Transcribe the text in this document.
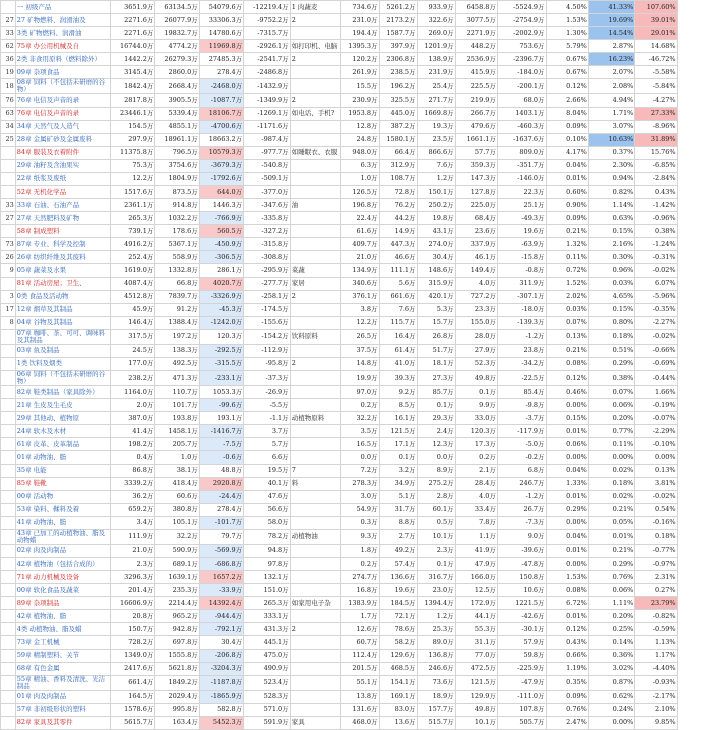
	一 初级产品	3651.9万	63134.5万	54079.6万	-12219.4万	1 肉蔬麦	734.6万	5261.2万	933.9万	6458.8万	-5524.9万	4.50%	41.33%	107.60%
27	27 矿物燃料、润滑油及	2271.6万	26077.9万	33306.3万	-9752.2万	2	231.0万	2173.2万	322.6万	3077.5万	-2754.9万	1.53%	19.69%	39.01%
33	3类 矿物燃料、润滑油	2271.6万	19832.7万	14780.6万	-7315.7万		194.4万	1587.7万	269.0万	2271.9万	-2002.9万	1.30%	14.54%	29.01%
62	75章 办公用机械及自	16744.0万	4774.2万	11969.8万	-2926.1万	如打印机、电脑	1395.3万	397.9万	1201.9万	448.2万	753.6万	5.79%	2.87%	14.68%
36	2类 非食用原料（燃料除外）	1442.2万	26279.3万	27485.3万	-2541.7万	2	120.2万	2306.8万	138.9万	2536.9万	-2396.7万	0.67%	16.23%	-46.72%
19	09章 杂项食品	3145.4万	2860.0万	278.4万	-2486.8万		261.9万	238.5万	231.9万	415.9万	-184.0万	0.67%	2.07%	-5.58%
18	08章 饲料（不包括未研磨的谷物）	1842.4万	2668.4万	-2468.0万	-1432.9万		15.5万	196.2万	25.4万	225.5万	-200.1万	0.12%	2.08%	-5.84%
76	76章 电信及声音的录	2817.8万	3905.5万	-1087.7万	-1349.9万	2	230.9万	325.5万	271.7万	219.9万	68.0万	2.66%	4.94%	-4.27%
63	76章 电信及声音的录	23446.1万	5339.4万	18106.7万	-1269.1万	如电话、手机?	1953.8万	445.0万	1669.8万	266.7万	1403.1万	8.04%	1.71%	27.33%
34	34章 天然气及人造气	154.5万	4855.1万	-4700.6万	-1171.6万		12.8万	387.2万	19.3万	479.6万	-460.3万	0.09%	3.07%	-8.96%
25	28章 金属矿砂及金属废料	297.9万	18961.1万	18663.2万	-987.4万		24.8万	1580.1万	23.5万	1661.1万	-1637.6万	0.10%	10.63%	31.89%
	84章 服装及衣着附件	11375.8万	796.5万	10579.3万	-977.7万	如睡眠衣、衣服	948.0万	66.4万	866.6万	57.7万	809.0万	4.17%	0.37%	15.76%
	29章 油籽及含油果实	75.3万	3754.6万	-3679.3万	-540.8万		6.3万	312.9万	7.6万	359.3万	-351.7万	0.04%	2.30%	-6.85%
	22章 纸浆及废纸	12.2万	1804.9万	-1792.6万	-509.1万		1.0万	108.7万	1.2万	147.3万	-146.0万	0.01%	0.94%	-2.84%
	52章 无机化学品	1517.6万	873.5万	644.0万	-377.0万		126.5万	72.8万	150.1万	127.8万	22.3万	0.60%	0.82%	0.43%
33	33章 石油、石油产品	2361.1万	914.8万	1446.3万	-347.6万	油	196.8万	76.2万	250.2万	225.0万	25.1万	0.90%	1.14%	-1.42%
27	27章 天然肥料及矿物	265.3万	1032.2万	-766.9万	-335.8万		22.4万	44.2万	19.8万	68.4万	-49.3万	0.09%	0.63%	-0.96%
	58章 制成塑料	739.1万	178.6万	560.5万	-327.2万		61.6万	14.9万	43.1万	23.6万	19.6万	0.21%	0.15%	0.38%
73	87章 专业、科学及控制	4916.2万	5367.1万	-450.9万	-315.8万		409.7万	447.3万	274.0万	337.9万	-63.9万	1.32%	2.16%	-1.24%
26	26章 纺织纤维及其废料	252.4万	558.9万	-306.5万	-308.8万		21.0万	46.6万	30.4万	46.1万	-15.8万	0.11%	0.30%	-0.31%
9	05章 蔬菜及水果	1619.0万	1332.8万	286.1万	-295.9万	菜蔬	134.9万	111.1万	148.6万	149.4万	-0.8万	0.72%	0.96%	-0.02%
	81章 活动房屋；卫生、	4087.4万	66.8万	4020.7万	-277.7万	家居	340.6万	5.6万	315.9万	4.0万	311.9万	1.52%	0.03%	6.07%
3	0类 食品及活动物	4512.8万	7839.7万	-3326.9万	-258.1万	2	376.1万	661.6万	420.1万	727.2万	-307.1万	2.02%	4.65%	-5.96%
17	12章 烟草及其制品	45.9万	91.2万	-45.3万	-174.5万		3.8万	7.6万	5.3万	23.3万	-18.0万	0.03%	0.15%	-0.35%
8	04章 谷物及其制品	146.4万	1388.4万	-1242.0万	-155.6万		12.2万	115.7万	15.7万	155.0万	-139.3万	0.07%	0.80%	-2.27%
	07章 咖啡、茶、可可、调味料及其制品	317.5万	197.2万	120.3万	-154.2万	饮料原料	26.5万	16.4万	26.8万	28.0万	-1.2万	0.13%	0.18%	-0.02%
	03章 鱼及制品	24.5万	138.3万	-292.5万	-112.9万		37.5万	61.4万	51.7万	27.9万	23.8万	0.21%	0.51%	-0.66%
	1类 饮料及烟类	177.0万	492.5万	-315.5万	-95.8万	2	14.8万	41.0万	18.1万	52.3万	-34.2万	0.08%	0.29%	-0.69%
	06章 饲料（不包括未研磨的谷物）	238.2万	471.3万	-233.1万	-37.3万		19.9万	39.3万	27.3万	49.8万	-22.5万	0.12%	0.38%	-0.44%
	82章 鞋类制品（家具除外）	1164.0万	110.7万	1053.3万	-26.9万		97.0万	9.2万	85.7万	0.1万	85.4万	0.46%	0.07%	1.66%
	21章 生皮及生毛皮	2.0万	101.7万	-99.6万	-5.5万		0.2万	8.5万	0.1万	9.9万	-9.8万	0.00%	0.06%	-0.19%
	29章 其他动、植物原	387.0万	193.8万	193.1万	-1.1万	动植物原料	32.2万	16.1万	29.3万	33.0万	-3.7万	0.15%	0.20%	-0.07%
	24章 软木及木材	41.4万	1458.1万	-1416.7万	3.7万		3.5万	121.5万	2.4万	120.3万	-117.9万	0.01%	0.77%	-2.29%
	61章 皮革、皮革制品	198.2万	205.7万	-7.5万	5.7万		16.5万	17.1万	12.3万	17.3万	-5.0万	0.06%	0.11%	-0.10%
	01章 动物油、脂	0.4万	1.0万	-0.6万	6.6万		0.0万	0.1万	0.0万	0.2万	-0.2万	0.00%	0.00%	0.00%
	35章 电能	86.8万	38.1万	48.8万	19.5万	7	7.2万	3.2万	8.9万	2.1万	6.8万	0.04%	0.02%	0.13%
	85章 鞋靴	3339.2万	418.4万	2920.8万	40.1万	料	278.3万	34.9万	275.2万	28.4万	246.7万	1.33%	0.18%	3.81%
	00章 活动物	36.2万	60.6万	-24.4万	47.6万		3.0万	5.1万	2.8万	4.0万	-1.2万	0.01%	0.02%	-0.02%
	53章 染料、鞣料及着	659.2万	380.8万	278.4万	56.6万		54.9万	31.7万	60.1万	33.4万	26.7万	0.29%	0.21%	0.54%
	41章 动物油、脂	3.4万	105.1万	-101.7万	58.0万		0.3万	8.8万	0.5万	7.8万	-7.3万	0.00%	0.05%	-0.16%
	43章 已加工的动植物油、脂及动物蜡	111.9万	32.2万	79.7万	78.2万	动植物油	9.3万	2.7万	10.1万	1.1万	9.0万	0.04%	0.01%	0.18%
	02章 肉及肉制品	21.0万	590.9万	-569.9万	94.8万		1.8万	49.2万	2.3万	41.9万	-39.6万	0.01%	0.21%	-0.77%
	42章 植物油（包括合成的）	2.3万	689.1万	-686.8万	97.8万		0.2万	57.4万	0.1万	47.9万	-47.8万	0.00%	0.29%	-0.97%
	71章 动力机械及设备	3296.3万	1639.1万	1657.2万	132.1万		274.7万	136.6万	316.7万	166.0万	150.8万	1.53%	0.76%	2.31%
	00章 软化食品及蔬菜	201.4万	235.3万	-33.9万	151.0万		16.8万	19.6万	23.0万	12.5万	10.6万	0.08%	0.06%	0.27%
	89章 杂项制品	16606.9万	2214.4万	14392.4万	265.3万	如家用电子杂	1383.9万	184.5万	1394.4万	172.9万	1221.5万	6.72%	1.11%	23.79%
	42章 植物油、脂	20.8万	965.2万	-944.4万	333.1万		1.7万	72.1万	1.2万	44.1万	-42.6万	0.01%	0.20%	-0.82%
	4类 动植物油、脂及蜡	150.7万	942.8万	-792.1万	431.3万	2	12.6万	78.6万	25.3万	55.3万	-30.1万	0.12%	0.25%	-0.59%
	73章 金工机械	728.2万	697.8万	30.4万	445.1万		60.7万	58.2万	89.0万	31.1万	57.9万	0.43%	0.14%	1.13%
	59章 精制塑料、关节	1349.0万	1555.8万	-206.8万	475.0万		112.4万	129.6万	136.8万	77.0万	59.8万	0.66%	0.36%	1.17%
	68章 有色金属	2417.6万	5621.8万	-3204.3万	490.9万		201.5万	468.5万	246.6万	472.5万	-225.9万	1.19%	3.02%	-4.40%
	55章 精油、香料及清洗、光洁制品	661.4万	1849.2万	-1187.8万	523.4万		55.1万	154.1万	73.6万	121.5万	-47.9万	0.35%	0.87%	-0.93%
	01章 肉及肉制品	164.5万	2029.4万	-1865.9万	528.3万		13.8万	169.1万	18.9万	129.9万	-111.0万	0.09%	0.62%	-2.17%
	57章 非初级形状的塑料	1578.6万	995.8万	582.8万	571.0万		131.6万	83.0万	157.7万	49.8万	107.8万	0.76%	0.24%	2.10%
	82章 家具及其零件	5615.7万	163.4万	5452.3万	591.9万	家具	468.0万	13.6万	515.7万	10.1万	505.7万	2.47%	0.00%	9.85%
